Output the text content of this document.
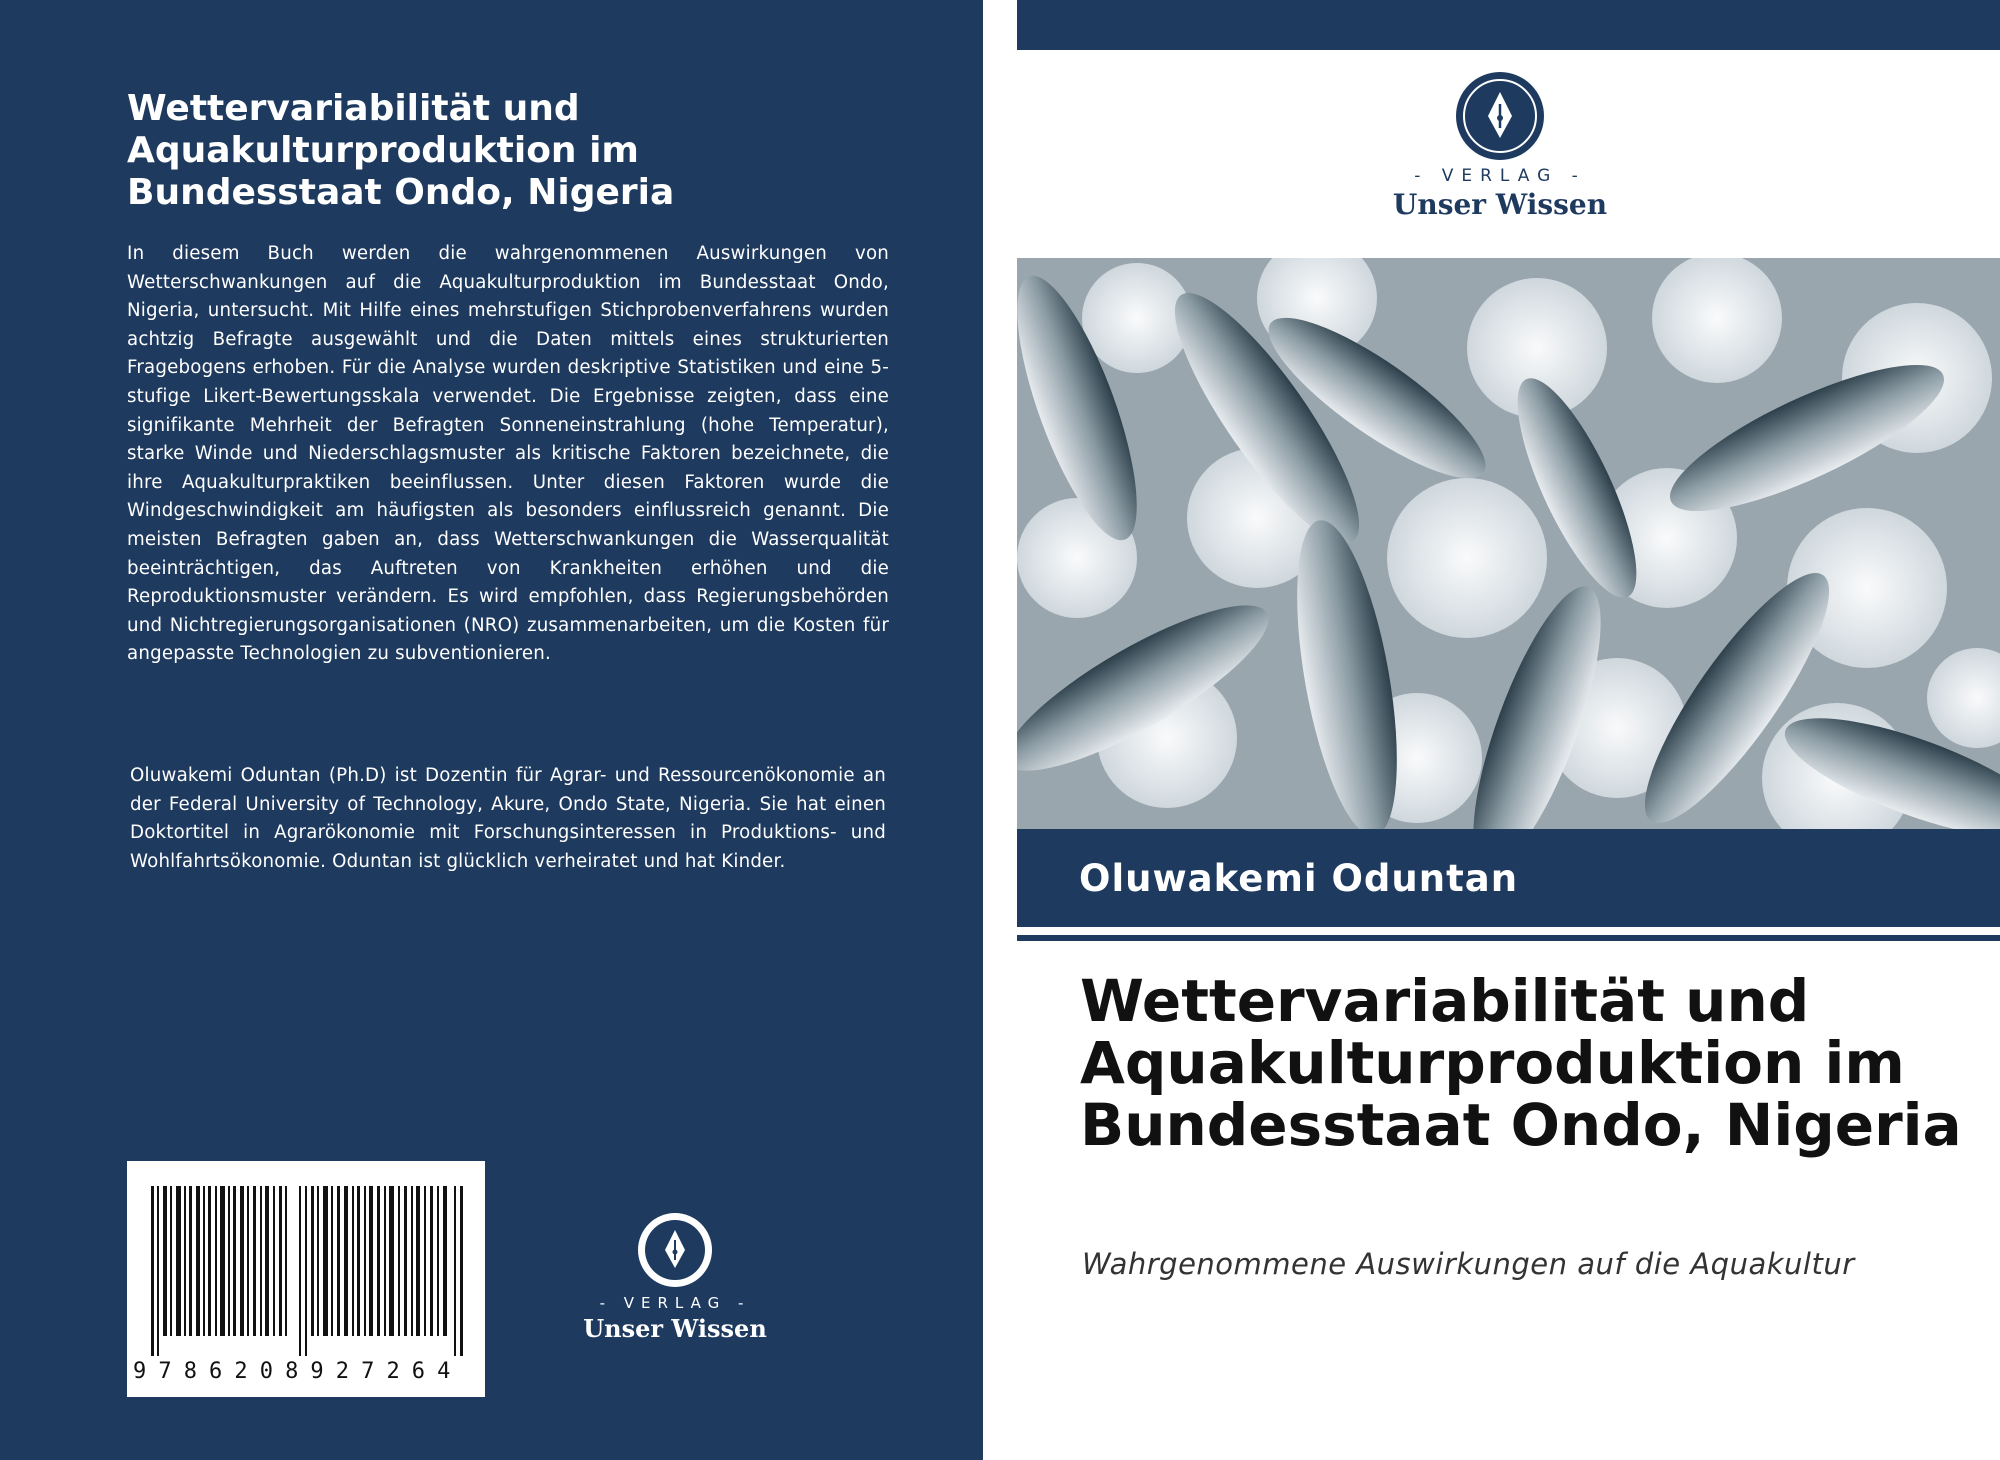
Wettervariabilität und Aquakulturproduktion im Bundesstaat Ondo, Nigeria

In diesem Buch werden die wahrgenommenen Auswirkungen von Wetterschwankungen auf die Aquakulturproduktion im Bundesstaat Ondo, Nigeria, untersucht. Mit Hilfe eines mehrstufigen Stichprobenverfahrens wurden achtzig Befragte ausgewählt und die Daten mittels eines strukturierten Fragebogens erhoben. Für die Analyse wurden deskriptive Statistiken und eine 5-stufige Likert-Bewertungsskala verwendet. Die Ergebnisse zeigten, dass eine signifikante Mehrheit der Befragten Sonneneinstrahlung (hohe Temperatur), starke Winde und Niederschlagsmuster als kritische Faktoren bezeichnete, die ihre Aquakulturpraktiken beeinflussen. Unter diesen Faktoren wurde die Windgeschwindigkeit am häufigsten als besonders einflussreich genannt. Die meisten Befragten gaben an, dass Wetterschwankungen die Wasserqualität beeinträchtigen, das Auftreten von Krankheiten erhöhen und die Reproduktionsmuster verändern. Es wird empfohlen, dass Regierungsbehörden und Nichtregierungsorganisationen (NRO) zusammenarbeiten, um die Kosten für angepasste Technologien zu subventionieren.

Oluwakemi Oduntan (Ph.D) ist Dozentin für Agrar- und Ressourcenökonomie an der Federal University of Technology, Akure, Ondo State, Nigeria. Sie hat einen Doktortitel in Agrarökonomie mit Forschungsinteressen in Produktions- und Wohlfahrtsökonomie. Oduntan ist glücklich verheiratet und hat Kinder.

9786208927264
- VERLAG -
Unser Wissen
- VERLAG -
Unser Wissen

Oluwakemi Oduntan

Wettervariabilität und Aquakulturproduktion im Bundesstaat Ondo, Nigeria

Wahrgenommene Auswirkungen auf die Aquakultur
